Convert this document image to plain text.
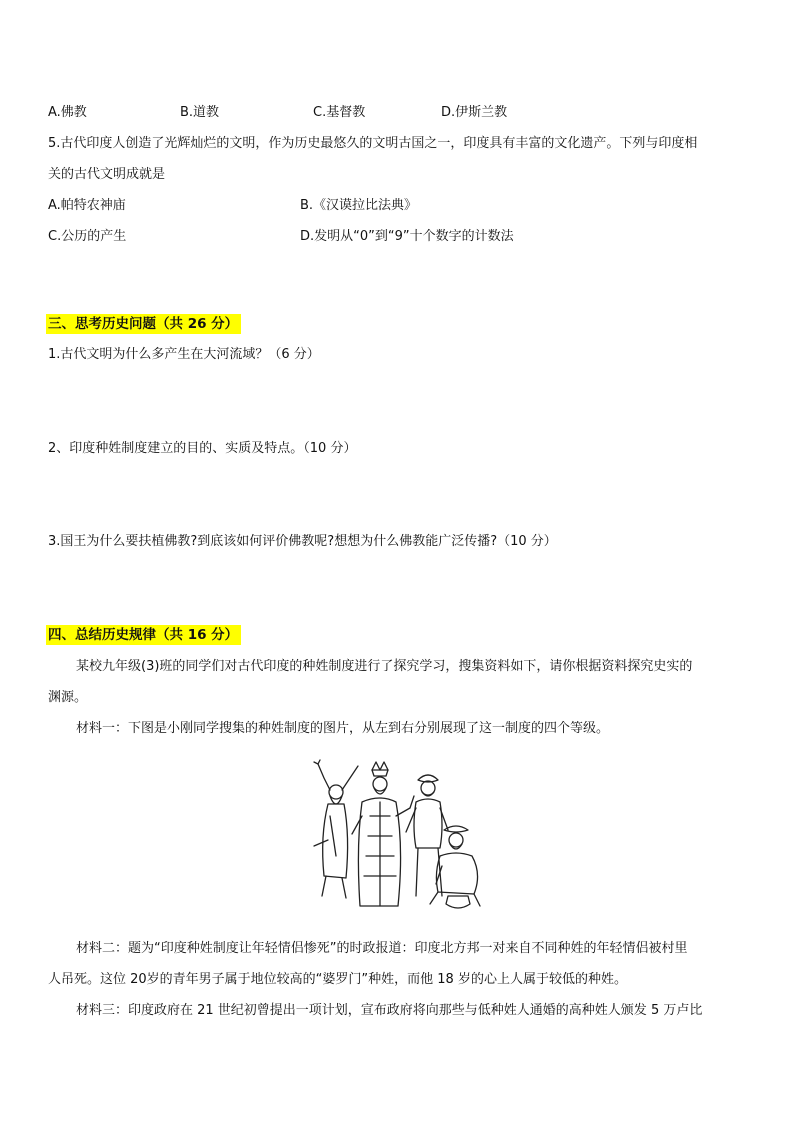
A.佛教	B.道教	C.基督教	D.伊斯兰教
5.古代印度人创造了光辉灿烂的文明，作为历史最悠久的文明古国之一，印度具有丰富的文化遗产。下列与印度相
关的古代文明成就是
A.帕特农神庙	B.《汉谟拉比法典》
C.公历的产生	D.发明从“0”到“9”十个数字的计数法
三、思考历史问题（共 26 分）
1.古代文明为什么多产生在大河流域？（6 分）
2、印度种姓制度建立的目的、实质及特点。（10 分）
3.国王为什么要扶植佛教?到底该如何评价佛教呢?想想为什么佛教能广泛传播?（10 分）
四、总结历史规律（共 16 分）
某校九年级(3)班的同学们对古代印度的种姓制度进行了探究学习，搜集资料如下，请你根据资料探究史实的
渊源。
材料一：下图是小刚同学搜集的种姓制度的图片，从左到右分别展现了这一制度的四个等级。
材料二：题为“印度种姓制度让年轻情侣惨死”的时政报道：印度北方邦一对来自不同种姓的年轻情侣被村里
人吊死。这位 20岁的青年男子属于地位较高的“婆罗门”种姓，而他 18 岁的心上人属于较低的种姓。
材料三：印度政府在 21 世纪初曾提出一项计划，宣布政府将向那些与低种姓人通婚的高种姓人颁发 5 万卢比
